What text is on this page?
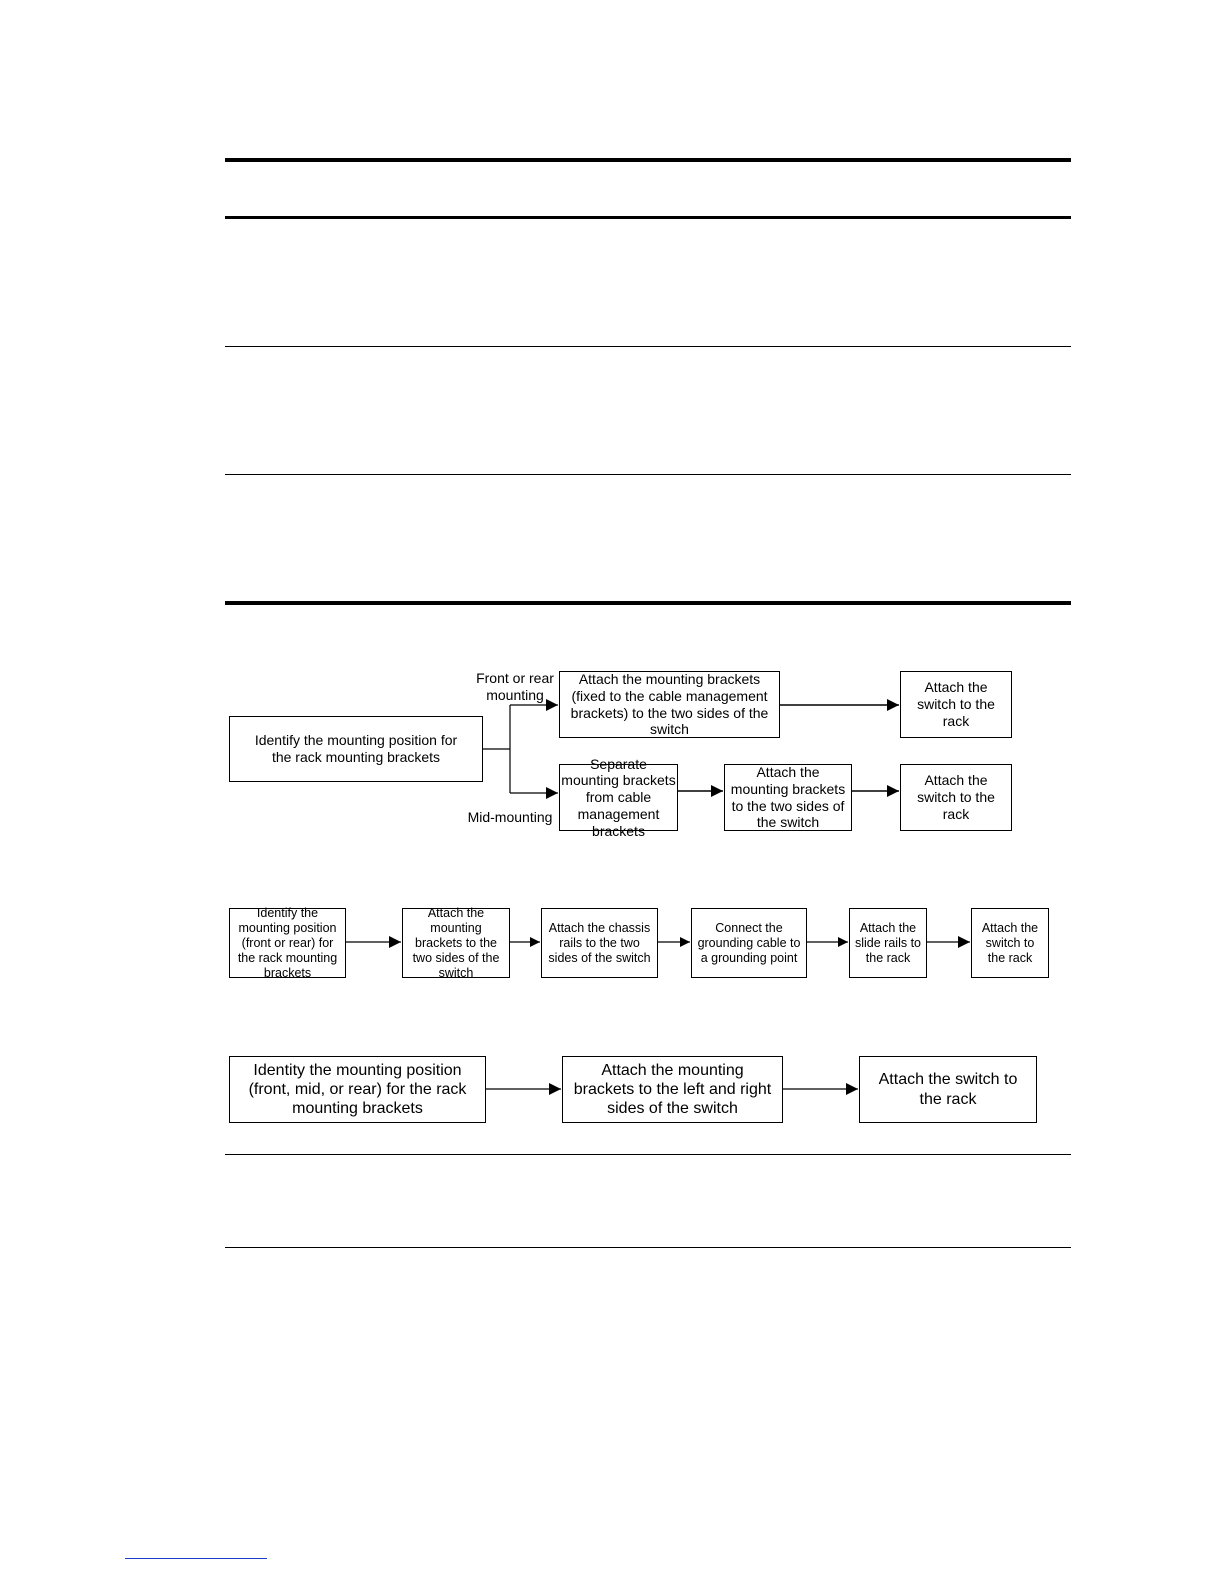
Identify the mounting position for the rack mounting brackets
Front or rear mounting
Mid-mounting
Attach the mounting brackets (fixed to the cable management brackets) to the two sides of the switch
Attach the switch to the rack
Separate mounting brackets from cable management brackets
Attach the mounting brackets to the two sides of the switch
Attach the switch to the rack
Identify the mounting position (front or rear) for the rack mounting brackets
Attach the mounting brackets to the two sides of the switch
Attach the chassis rails to the two sides of the switch
Connect the grounding cable to a grounding point
Attach the slide rails to the rack
Attach the switch to the rack
Identity the mounting position (front, mid, or rear) for the rack mounting brackets
Attach the mounting brackets to the left and right sides of the switch
Attach the switch to the rack
